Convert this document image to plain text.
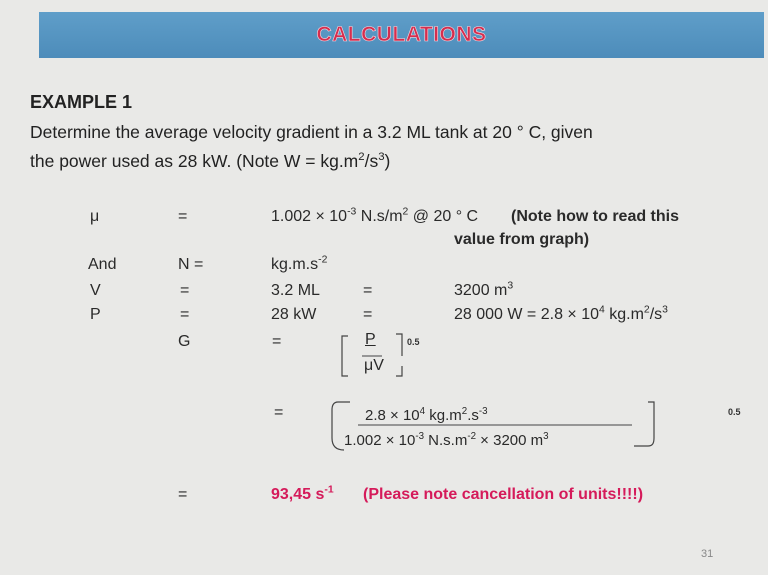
CALCULATIONS
EXAMPLE 1
Determine the average velocity gradient in a 3.2 ML tank at 20 ° C, given
the power used as 28 kW. (Note $W = kg.m^2/s^3$)
μ	=	$1.002 \times 10^{-3}$ $N.s/m^2$ @ 20 ° C (Note how to read this
value from graph)
And	N =	$kg.m.s^{-2}$
V	=	3.2 ML	=	3200 $m^3$
P	=	28 kW	=	28 000 $W = 2.8 \times 10^4$ $kg.m^2/s^3$
G	=	P
μV
0.5
=	$2.8 \times 10^4$ $kg.m^2.s^{-3}$
$1.002 \times 10^{-3}$ $N.s.m^{-2} \times 3200$ $m^3$
0.5
=	93,45 $s^{-1}$ (Please note cancellation of units!!!!)
31
